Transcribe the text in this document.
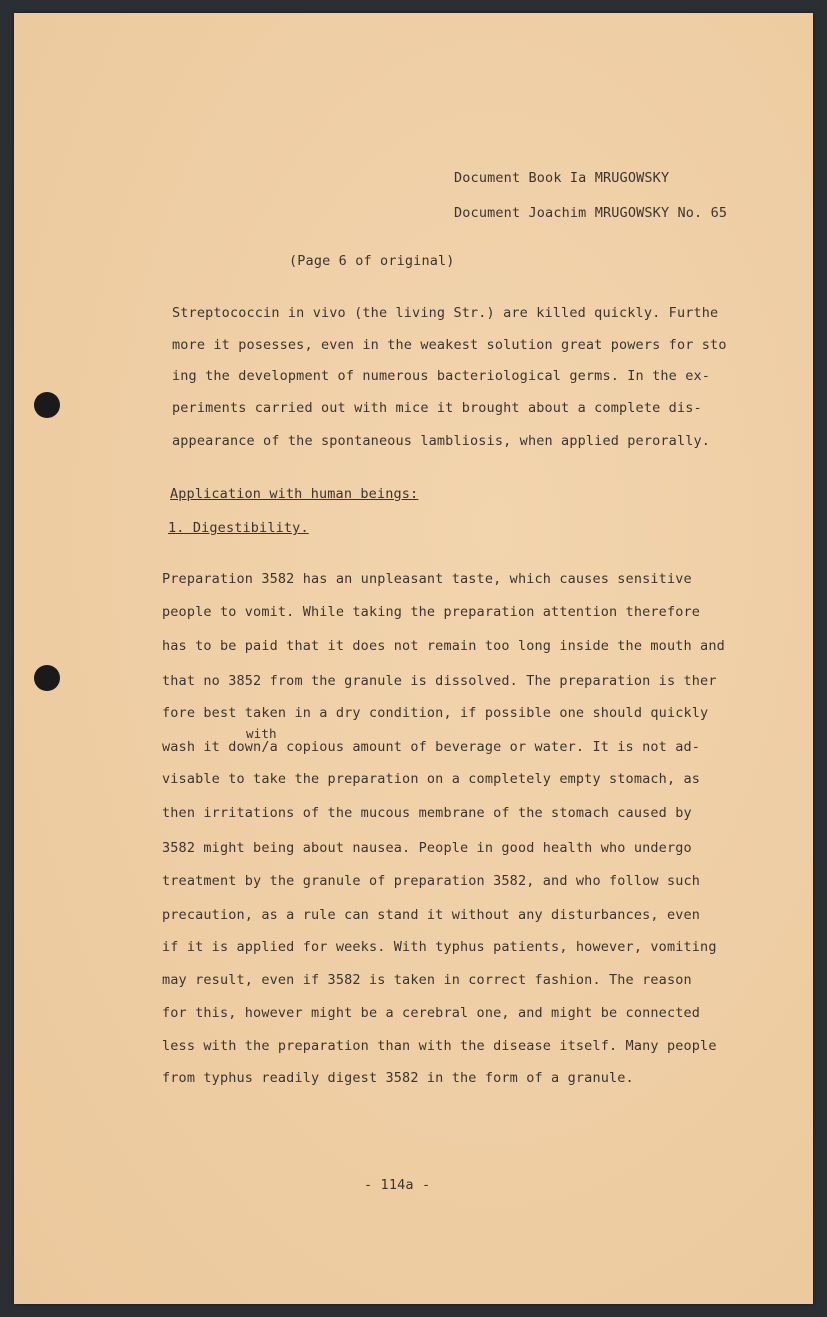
Document Book Ia MRUGOWSKY
Document Joachim MRUGOWSKY No. 65
(Page 6 of original)
Streptococcin in vivo (the living Str.) are killed quickly. Furthe
more it posesses, even in the weakest solution great powers for sto
ing the development of numerous bacteriological germs. In the ex-
periments carried out with mice it brought about a complete dis-
appearance of the spontaneous lambliosis, when applied perorally.
Application with human beings:
1. Digestibility.
with
Preparation 3582 has an unpleasant taste, which causes sensitive
people to vomit. While taking the preparation attention therefore
has to be paid that it does not remain too long inside the mouth and
that no 3852 from the granule is dissolved. The preparation is ther
fore best taken in a dry condition, if possible one should quickly
wash it down/a copious amount of beverage or water. It is not ad-
visable to take the preparation on a completely empty stomach, as
then irritations of the mucous membrane of the stomach caused by
3582 might being about nausea. People in good health who undergo
treatment by the granule of preparation 3582, and who follow such
precaution, as a rule can stand it without any disturbances, even
if it is applied for weeks. With typhus patients, however, vomiting
may result, even if 3582 is taken in correct fashion. The reason
for this, however might be a cerebral one, and might be connected
less with the preparation than with the disease itself. Many people
from typhus readily digest 3582 in the form of a granule.
- 114a -
